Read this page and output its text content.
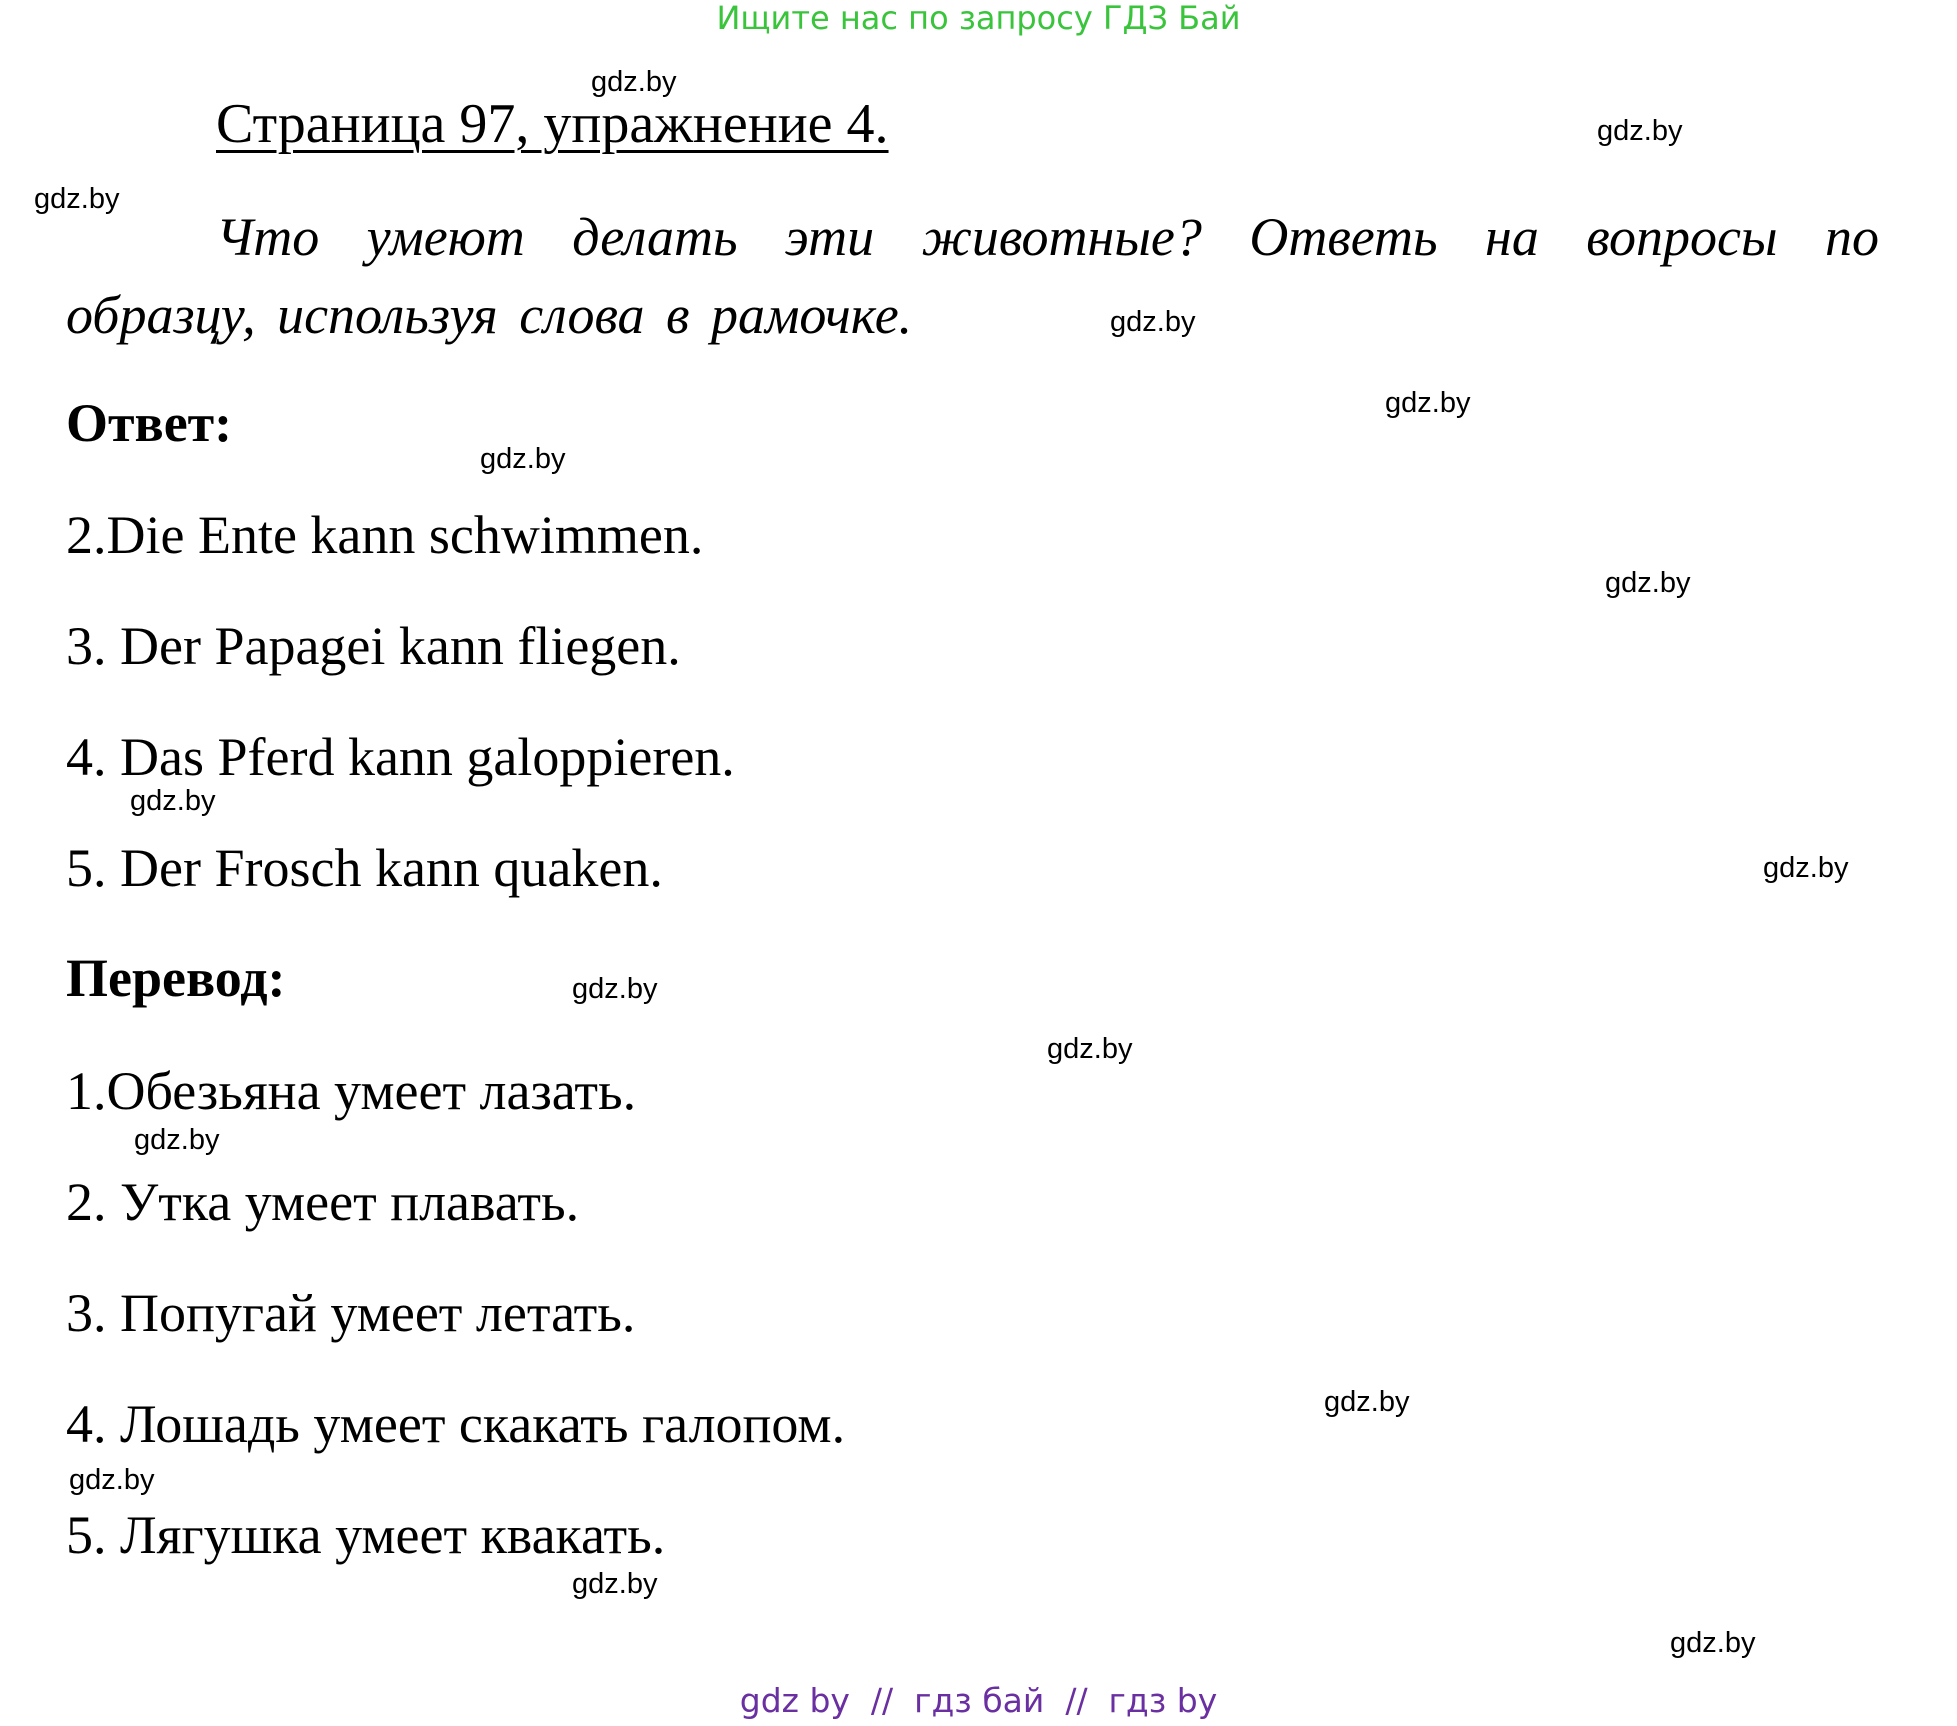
Ищите нас по запросу ГДЗ Бай
gdz.by
gdz.by
gdz.by
gdz.by
gdz.by
gdz.by
gdz.by
gdz.by
gdz.by
gdz.by
gdz.by
gdz.by
gdz.by
gdz.by
gdz.by
gdz.by
Страница 97, упражнение 4.
Что умеют делать эти животные? Ответь на вопросы по образцу, используя слова в рамочке.
Ответ:
2.Die Ente kann schwimmen.
3. Der Papagei kann fliegen.
4. Das Pferd kann galoppieren.
5. Der Frosch kann quaken.
Перевод:
1.Обезьяна умеет лазать.
2. Утка умеет плавать.
3. Попугай умеет летать.
4. Лошадь умеет скакать галопом.
5. Лягушка умеет квакать.
gdz by  //  гдз бай  //  гдз by
